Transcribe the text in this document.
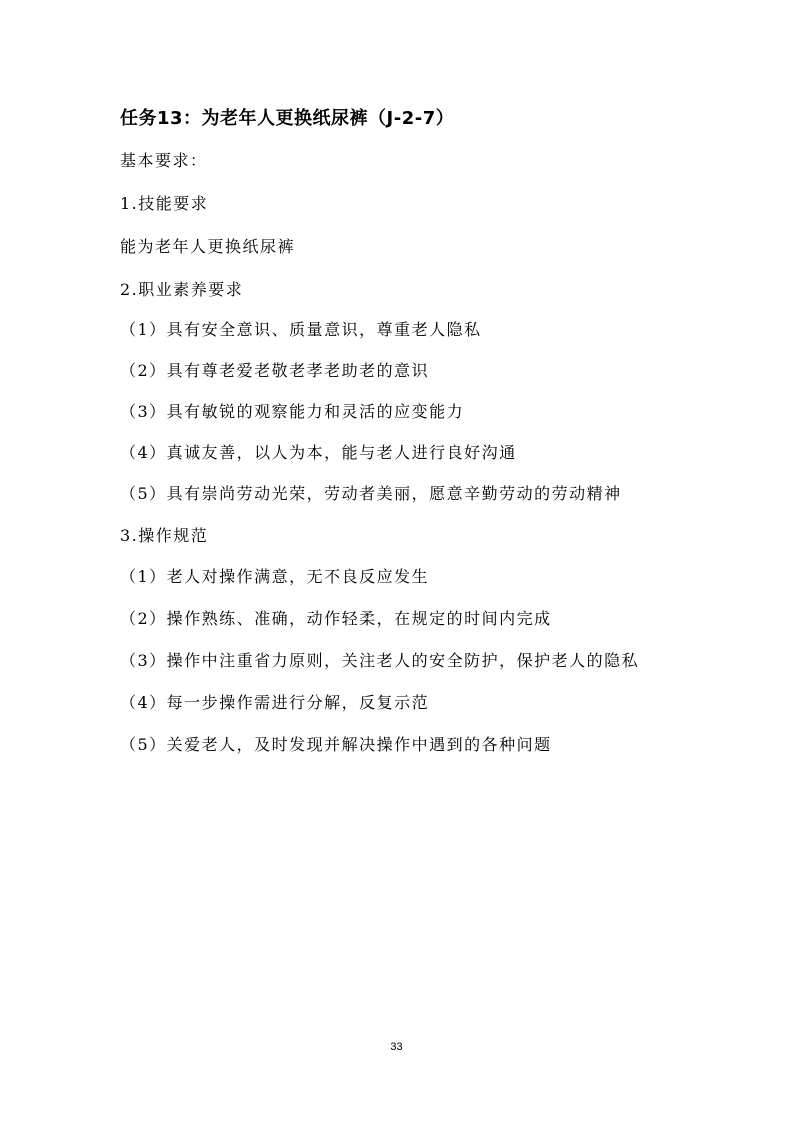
任务13：为老年人更换纸尿裤（J-2-7）
基本要求：
1.技能要求
能为老年人更换纸尿裤
2.职业素养要求
（1）具有安全意识、质量意识，尊重老人隐私
（2）具有尊老爱老敬老孝老助老的意识
（3）具有敏锐的观察能力和灵活的应变能力
（4）真诚友善，以人为本，能与老人进行良好沟通
（5）具有崇尚劳动光荣，劳动者美丽，愿意辛勤劳动的劳动精神
3.操作规范
（1）老人对操作满意，无不良反应发生
（2）操作熟练、准确，动作轻柔，在规定的时间内完成
（3）操作中注重省力原则，关注老人的安全防护，保护老人的隐私
（4）每一步操作需进行分解，反复示范
（5）关爱老人，及时发现并解决操作中遇到的各种问题
33
